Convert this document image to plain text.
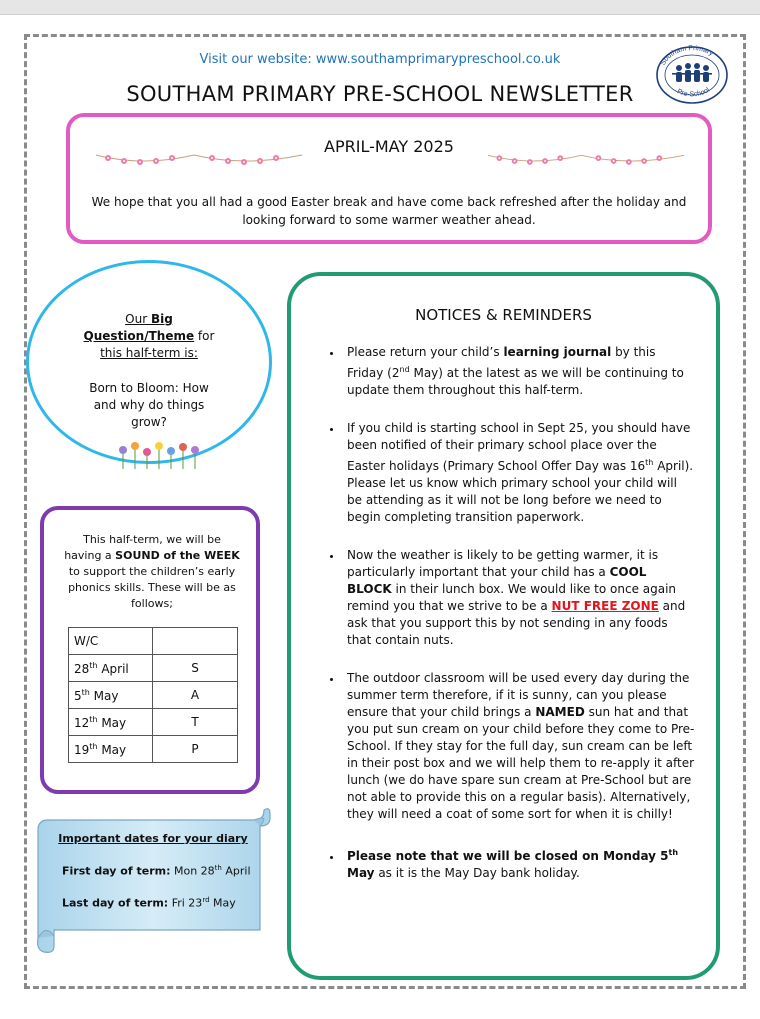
Visit our website: www.southamprimarypreschool.co.uk
SOUTHAM PRIMARY PRE-SCHOOL NEWSLETTER
Southam Primary
Pre-School
APRIL-MAY 2025
We hope that you all had a good Easter break and have come back refreshed after the holiday and looking forward to some warmer weather ahead.
Our Big
Question/Theme for
this half-term is:
Born to Bloom: How and why do things grow?
This half-term, we will be having a SOUND of the WEEK to support the children’s early phonics skills. These will be as follows;
W/C	
28th April	S
5th May	A
12th May	T
19th May	P
Important dates for your diary
First day of term: Mon 28th April
Last day of term: Fri 23rd May
NOTICES & REMINDERS
• Please return your child’s learning journal by this Friday (2nd May) at the latest as we will be continuing to update them throughout this half-term.
• If you child is starting school in Sept 25, you should have been notified of their primary school place over the Easter holidays (Primary School Offer Day was 16th April). Please let us know which primary school your child will be attending as it will not be long before we need to begin completing transition paperwork.
• Now the weather is likely to be getting warmer, it is particularly important that your child has a COOL BLOCK in their lunch box. We would like to once again remind you that we strive to be a NUT FREE ZONE and ask that you support this by not sending in any foods that contain nuts.
• The outdoor classroom will be used every day during the summer term therefore, if it is sunny, can you please ensure that your child brings a NAMED sun hat and that you put sun cream on your child before they come to Pre-School. If they stay for the full day, sun cream can be left in their post box and we will help them to re-apply it after lunch (we do have spare sun cream at Pre-School but are not able to provide this on a regular basis). Alternatively, they will need a coat of some sort for when it is chilly!
• Please note that we will be closed on Monday 5th May as it is the May Day bank holiday.
